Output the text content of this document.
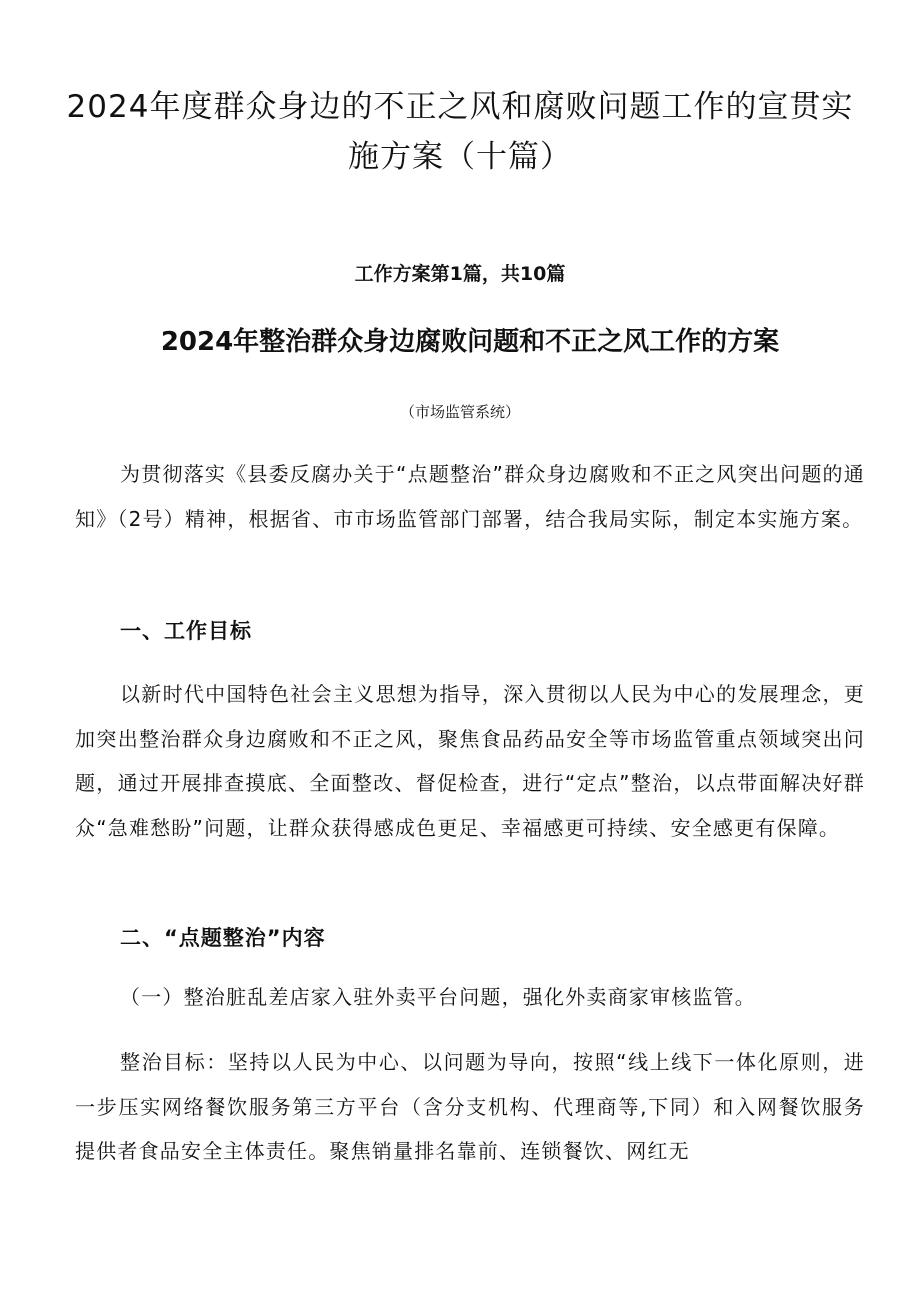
2024年度群众身边的不正之风和腐败问题工作的宣贯实施方案（十篇）
工作方案第1篇，共10篇
2024年整治群众身边腐败问题和不正之风工作的方案
（市场监管系统）

为贯彻落实《县委反腐办关于“点题整治”群众身边腐败和不正之风突出问题的通知》（2号）精神，根据省、市市场监管部门部署，结合我局实际，制定本实施方案。

一、工作目标

以新时代中国特色社会主义思想为指导，深入贯彻以人民为中心的发展理念，更加突出整治群众身边腐败和不正之风，聚焦食品药品安全等市场监管重点领域突出问题，通过开展排查摸底、全面整改、督促检查，进行“定点”整治，以点带面解决好群众“急难愁盼”问题，让群众获得感成色更足、幸福感更可持续、安全感更有保障。

二、“点题整治”内容

（一）整治脏乱差店家入驻外卖平台问题，强化外卖商家审核监管。

整治目标：坚持以人民为中心、以问题为导向，按照“线上线下一体化原则，进一步压实网络餐饮服务第三方平台（含分支机构、代理商等,下同）和入网餐饮服务提供者食品安全主体责任。聚焦销量排名靠前、连锁餐饮、网红无
